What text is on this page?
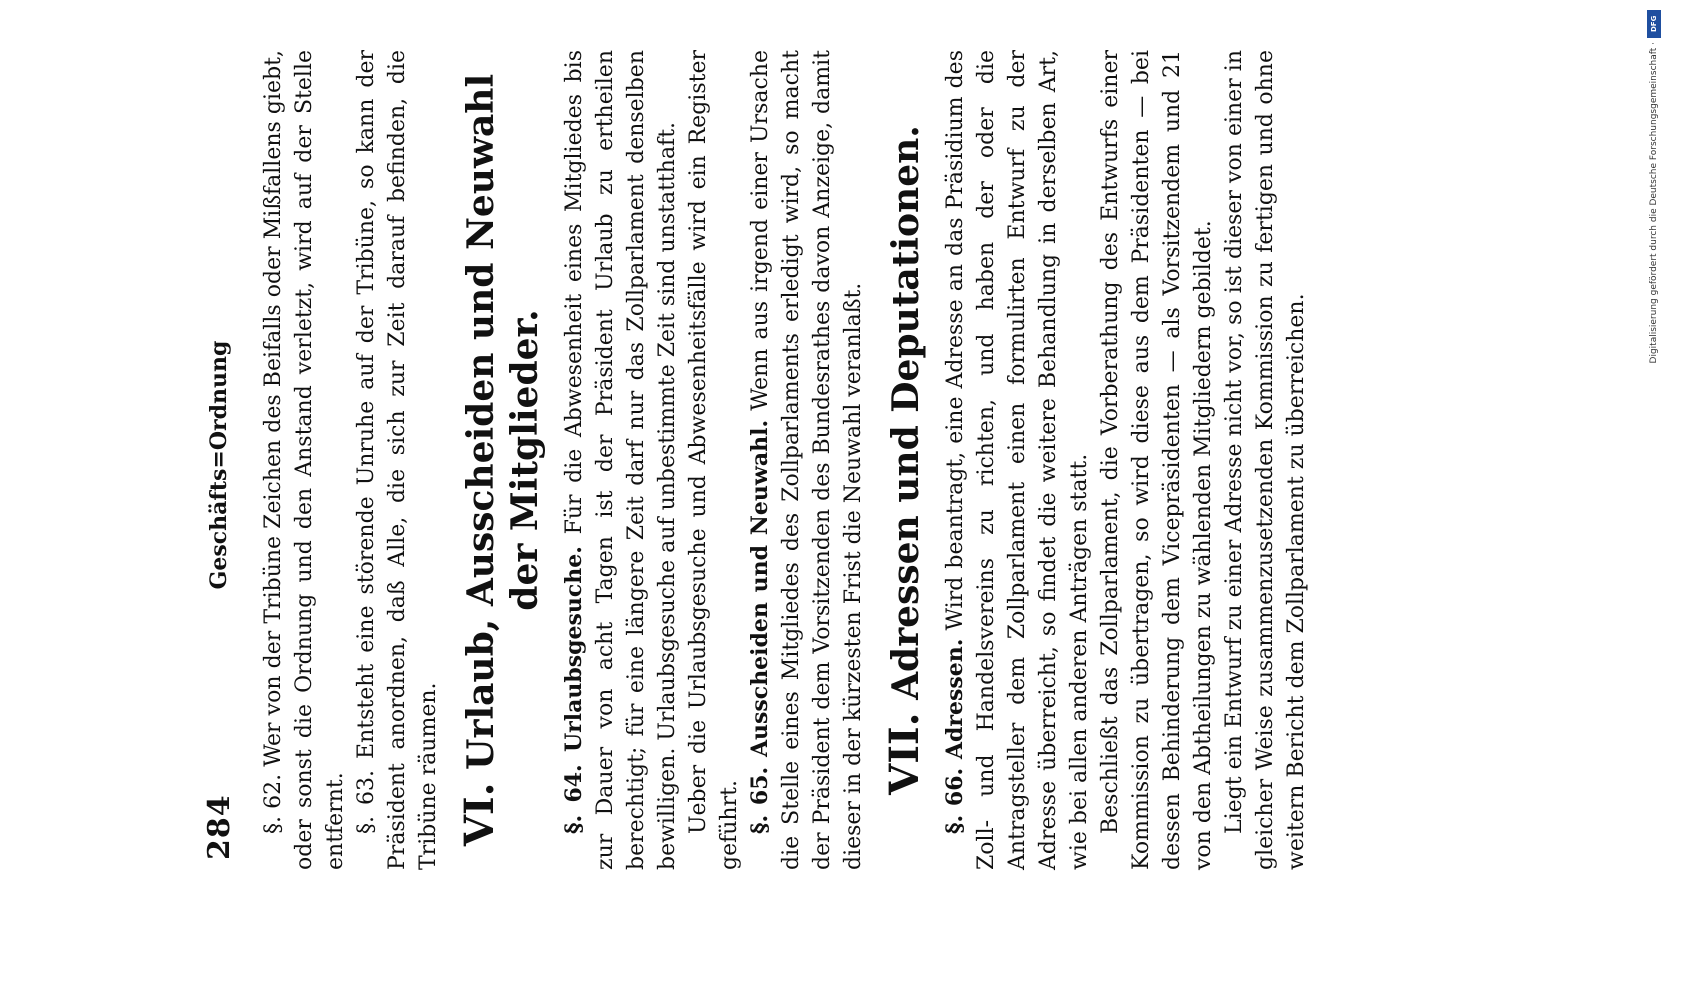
284
Geschäfts=Ordnung §. 62. Wer von der Tribüne Zeichen des Beifalls oder Mißfallens giebt, oder sonst die Ordnung und den Anstand verletzt, wird auf der Stelle entfernt. §. 63. Entsteht eine störende Unruhe auf der Tribüne, so kann der Präsident anordnen, daß Alle, die sich zur Zeit darauf befinden, die Tribüne räumen. VI. Urlaub, Ausscheiden und Neuwahl der Mitglieder.

§. 64. Urlaubsgesuche. Für die Abwesenheit eines Mitgliedes bis zur Dauer von acht Tagen ist der Präsident Urlaub zu ertheilen berechtigt; für eine längere Zeit darf nur das Zollparlament denselben bewilligen. Urlaubsgesuche auf unbestimmte Zeit sind unstatthaft. Ueber die Urlaubsgesuche und Abwesenheitsfälle wird ein Register geführt. §. 65. Ausscheiden und Neuwahl. Wenn aus irgend einer Ursache die Stelle eines Mitgliedes des Zollparlaments erledigt wird, so macht der Präsident dem Vorsitzenden des Bundesrathes davon Anzeige, damit dieser in der kürzesten Frist die Neuwahl veranlaßt. VII. Adressen und Deputationen.

§. 66. Adressen. Wird beantragt, eine Adresse an das Präsidium des Zoll- und Handelsvereins zu richten, und haben der oder die Antragsteller dem Zollparlament einen formulirten Entwurf zu der Adresse überreicht, so findet die weitere Behandlung in derselben Art, wie bei allen anderen Anträgen statt. Beschließt das Zollparlament, die Vorberathung des Entwurfs einer Kommission zu übertragen, so wird diese aus dem Präsidenten — bei dessen Behinderung dem Vicepräsidenten — als Vorsitzendem und 21 von den Abtheilungen zu wählenden Mitgliedern gebildet. Liegt ein Entwurf zu einer Adresse nicht vor, so ist dieser von einer in gleicher Weise zusammenzusetzenden Kommission zu fertigen und ohne weitern Bericht dem Zollparlament zu überreichen.

DFG
Digitalisierung gefördert durch die Deutsche Forschungsgemeinschaft ·
